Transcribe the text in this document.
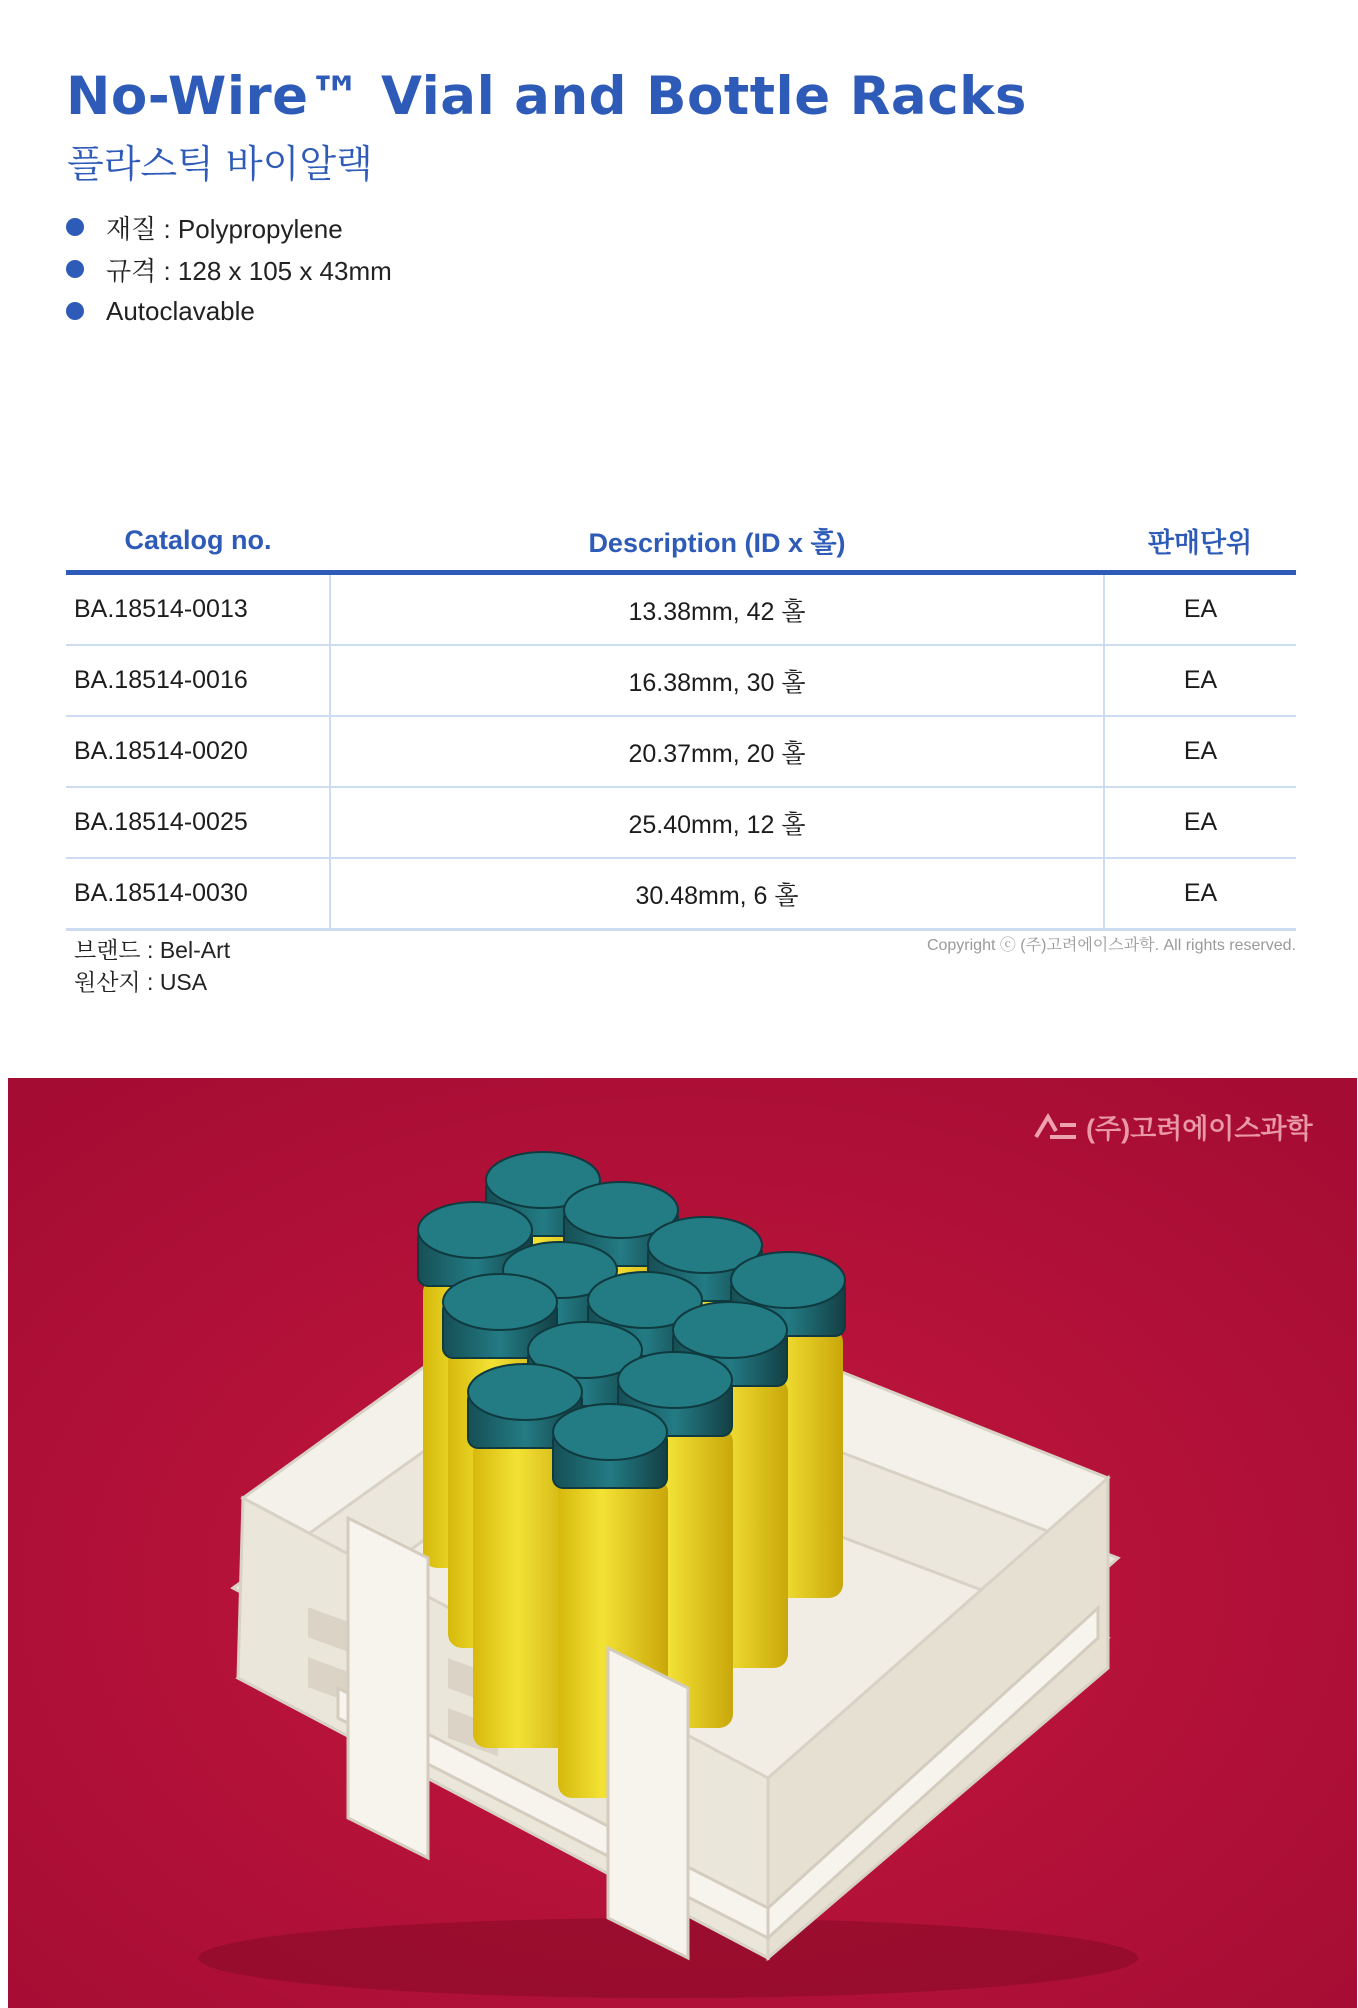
No-Wire™ Vial and Bottle Racks
플라스틱 바이알랙
재질 : Polypropylene
규격 : 128 x 105 x 43mm
Autoclavable
Catalog no.	Description (ID x 홀)	판매단위
BA.18514-0013	13.38mm, 42 홀	EA
BA.18514-0016	16.38mm, 30 홀	EA
BA.18514-0020	20.37mm, 20 홀	EA
BA.18514-0025	25.40mm, 12 홀	EA
BA.18514-0030	30.48mm, 6 홀	EA
브랜드 : Bel-Art
원산지 : USA
Copyright ⓒ (주)고려에이스과학. All rights reserved.
(주)고려에이스과학
